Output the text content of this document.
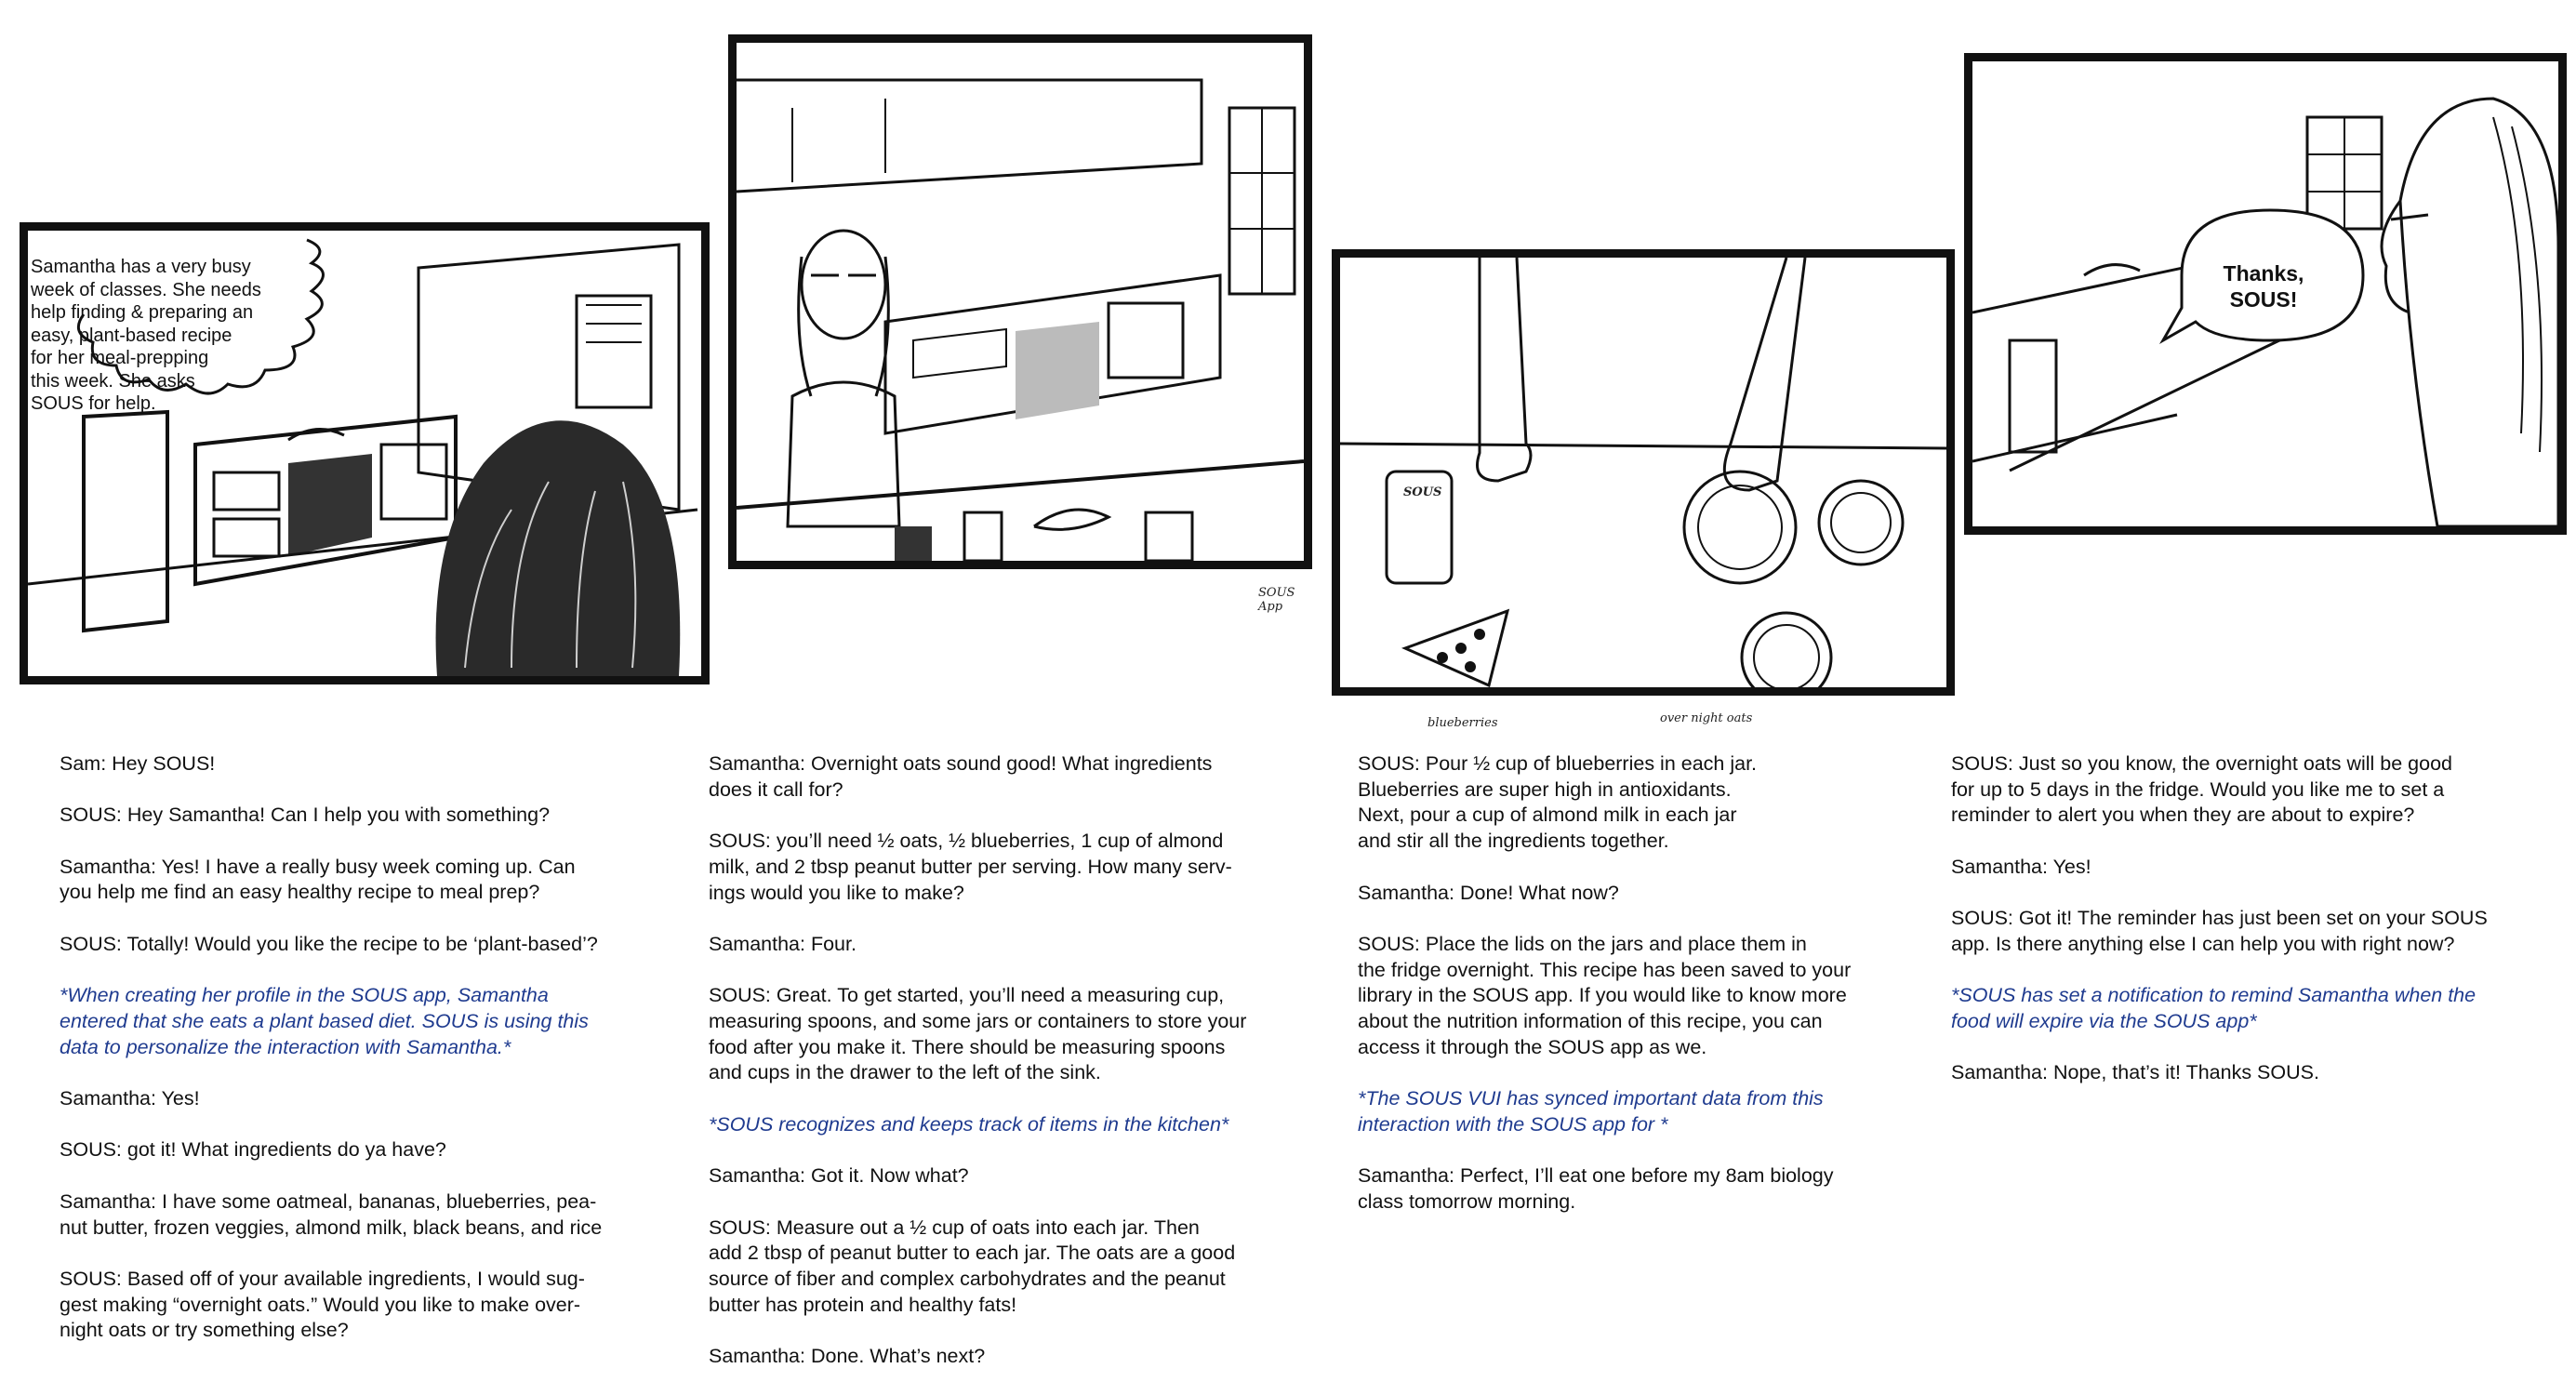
Samantha has a very busy
week of classes. She needs
help finding & preparing an
easy, plant-based recipe
for her meal-prepping
this week. She asks
SOUS for help.
SOUS
SOUS
App
blueberries	over night oats
Thanks,
SOUS!

Sam: Hey SOUS!

SOUS: Hey Samantha! Can I help you with something?

Samantha: Yes! I have a really busy week coming up. Can
you help me find an easy healthy recipe to meal prep?

SOUS: Totally! Would you like the recipe to be ‘plant-based’?

*When creating her profile in the SOUS app, Samantha
entered that she eats a plant based diet. SOUS is using this
data to personalize the interaction with Samantha.*

Samantha: Yes!

SOUS: got it! What ingredients do ya have?

Samantha: I have some oatmeal, bananas, blueberries, pea-
nut butter, frozen veggies, almond milk, black beans, and rice

SOUS: Based off of your available ingredients, I would sug-
gest making “overnight oats.” Would you like to make over-
night oats or try something else?

Samantha: Overnight oats sound good! What ingredients
does it call for?

SOUS: you’ll need ½ oats, ½ blueberries, 1 cup of almond
milk, and 2 tbsp peanut butter per serving. How many serv-
ings would you like to make?

Samantha: Four.

SOUS: Great. To get started, you’ll need a measuring cup,
measuring spoons, and some jars or containers to store your
food after you make it. There should be measuring spoons
and cups in the drawer to the left of the sink.

*SOUS recognizes and keeps track of items in the kitchen*

Samantha: Got it. Now what?

SOUS: Measure out a ½ cup of oats into each jar. Then
add 2 tbsp of peanut butter to each jar. The oats are a good
source of fiber and complex carbohydrates and the peanut
butter has protein and healthy fats!

Samantha: Done. What’s next?

SOUS: Pour ½ cup of blueberries in each jar.
Blueberries are super high in antioxidants.
Next, pour a cup of almond milk in each jar
and stir all the ingredients together.

Samantha: Done! What now?

SOUS: Place the lids on the jars and place them in
the fridge overnight. This recipe has been saved to your
library in the SOUS app. If you would like to know more
about the nutrition information of this recipe, you can
access it through the SOUS app as we.

*The SOUS VUI has synced important data from this
interaction with the SOUS app for *

Samantha: Perfect, I’ll eat one before my 8am biology
class tomorrow morning.

SOUS: Just so you know, the overnight oats will be good
for up to 5 days in the fridge. Would you like me to set a
reminder to alert you when they are about to expire?

Samantha: Yes!

SOUS: Got it! The reminder has just been set on your SOUS
app. Is there anything else I can help you with right now?

*SOUS has set a notification to remind Samantha when the
food will expire via the SOUS app*

Samantha: Nope, that’s it! Thanks SOUS.
